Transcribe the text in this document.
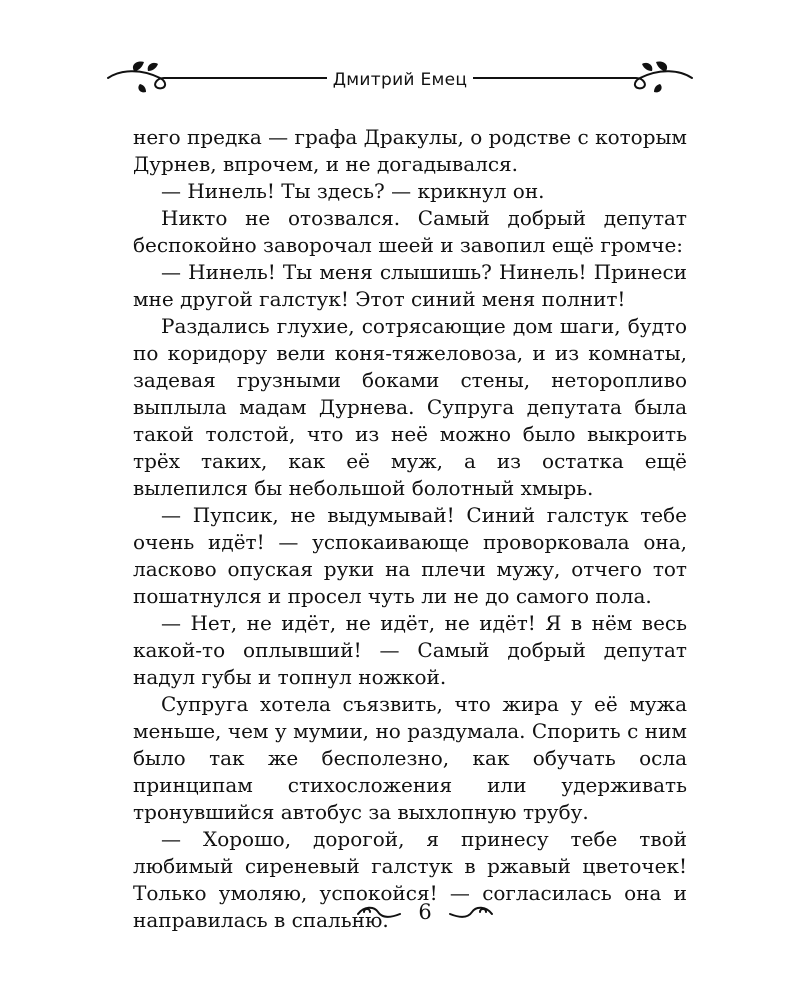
Дмитрий Емец

него предка — графа Дракулы, о родстве с которым Дурнев, впрочем, и не догадывался.

— Нинель! Ты здесь? — крикнул он.

Никто не отозвался. Самый добрый депутат беспокойно заворочал шеей и завопил ещё громче:

— Нинель! Ты меня слышишь? Нинель! Принеси мне другой галстук! Этот синий меня полнит!

Раздались глухие, сотрясающие дом шаги, будто по коридору вели коня-тяжеловоза, и из комнаты, задевая грузными боками стены, неторопливо выплыла мадам Дурнева. Супруга депутата была такой толстой, что из неё можно было выкроить трёх таких, как её муж, а из остатка ещё вылепился бы небольшой болотный хмырь.

— Пупсик, не выдумывай! Синий галстук тебе очень идёт! — успокаивающе проворковала она, ласково опуская руки на плечи мужу, отчего тот пошатнулся и просел чуть ли не до самого пола.

— Нет, не идёт, не идёт, не идёт! Я в нём весь какой-то оплывший! — Самый добрый депутат надул губы и топнул ножкой.

Супруга хотела съязвить, что жира у её мужа меньше, чем у мумии, но раздумала. Спорить с ним было так же бесполезно, как обучать осла принципам стихосложения или удерживать тронувшийся автобус за выхлопную трубу.

— Хорошо, дорогой, я принесу тебе твой любимый сиреневый галстук в ржавый цветочек! Только умоляю, успокойся! — согласилась она и направилась в спальню.	6
